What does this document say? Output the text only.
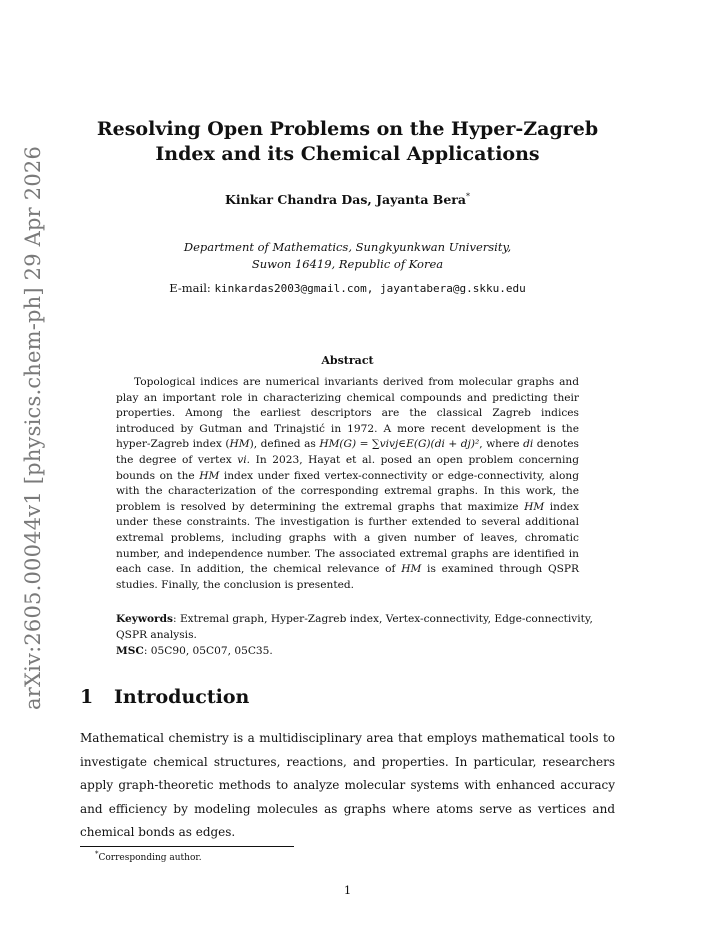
arXiv:2605.00044v1 [physics.chem-ph] 29 Apr 2026
Resolving Open Problems on the Hyper-Zagreb
Index and its Chemical Applications
Kinkar Chandra Das, Jayanta Bera*
Department of Mathematics, Sungkyunkwan University,
Suwon 16419, Republic of Korea
E-mail: kinkardas2003@gmail.com, jayantabera@g.skku.edu
Abstract
Topological indices are numerical invariants derived from molecular graphs and play an important role in characterizing chemical compounds and predicting their properties. Among the earliest descriptors are the classical Zagreb indices introduced by Gutman and Trinajstić in 1972. A more recent development is the hyper-Zagreb index (HM), defined as HM(G) = ∑vivj∈E(G)(di + dj)², where di denotes the degree of vertex vi. In 2023, Hayat et al. posed an open problem concerning bounds on the HM index under fixed vertex-connectivity or edge-connectivity, along with the characterization of the corresponding extremal graphs. In this work, the problem is resolved by determining the extremal graphs that maximize HM index under these constraints. The investigation is further extended to several additional extremal problems, including graphs with a given number of leaves, chromatic number, and independence number. The associated extremal graphs are identified in each case. In addition, the chemical relevance of HM is examined through QSPR studies. Finally, the conclusion is presented.
Keywords: Extremal graph, Hyper-Zagreb index, Vertex-connectivity, Edge-connectivity, QSPR analysis.
MSC: 05C90, 05C07, 05C35.
1 Introduction
Mathematical chemistry is a multidisciplinary area that employs mathematical tools to investigate chemical structures, reactions, and properties. In particular, researchers apply graph-theoretic methods to analyze molecular systems with enhanced accuracy and efficiency by modeling molecules as graphs where atoms serve as vertices and chemical bonds as edges.
*Corresponding author.
1
